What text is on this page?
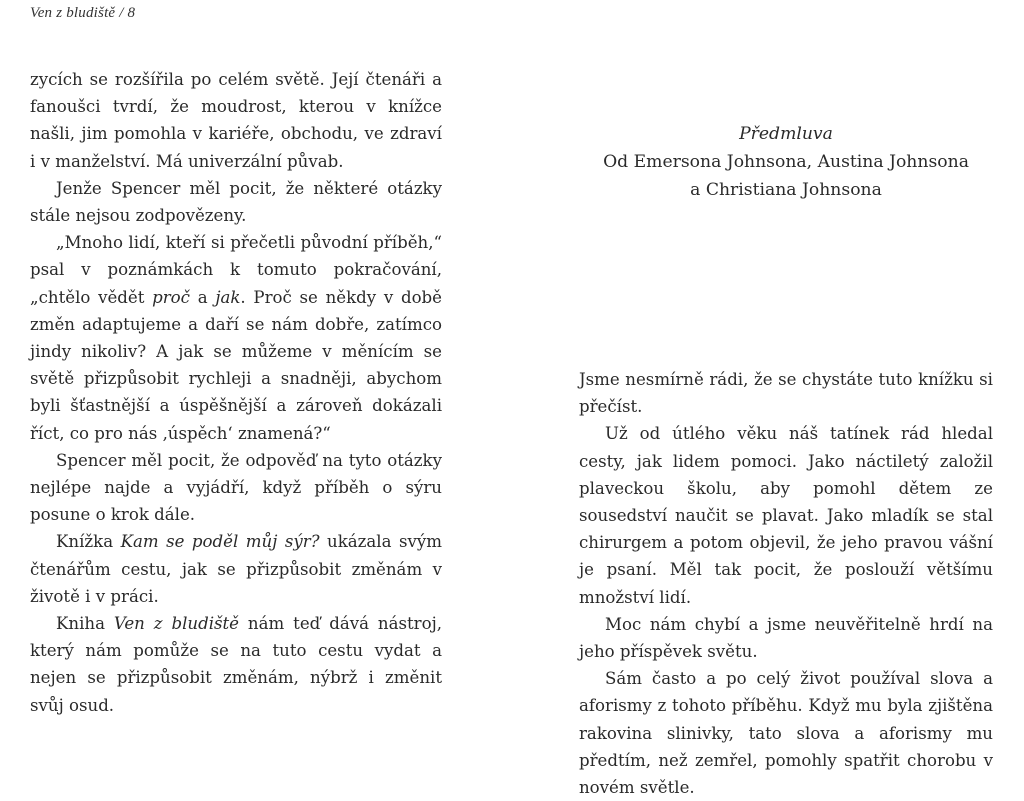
Ven z bludiště / 8

zycích se rozšířila po celém světě. Její čtenáři a fanoušci tvrdí, že moudrost, kterou v knížce našli, jim pomohla v kariéře, obchodu, ve zdraví i v manželství. Má univerzální půvab.

Jenže Spencer měl pocit, že některé otázky stále nejsou zodpovězeny.

„Mnoho lidí, kteří si přečetli původní příběh,“ psal v poznámkách k tomuto pokračování, „chtělo vědět proč a jak. Proč se někdy v době změn adaptujeme a daří se nám dobře, zatímco jindy nikoliv? A jak se můžeme v měnícím se světě přizpůsobit rychleji a snadněji, abychom byli šťastnější a úspěšnější a zároveň dokázali říct, co pro nás ‚úspěch‘ znamená?“

Spencer měl pocit, že odpověď na tyto otázky nejlépe najde a vyjádří, když příběh o sýru posune o krok dále.

Knížka Kam se poděl můj sýr? ukázala svým čtenářům cestu, jak se přizpůsobit změnám v životě i v práci.

Kniha Ven z bludiště nám teď dává nástroj, který nám pomůže se na tuto cestu vydat a nejen se přizpůsobit změnám, nýbrž i změnit svůj osud.

Předmluva
Od Emersona Johnsona, Austina Johnsona
a Christiana Johnsona

Jsme nesmírně rádi, že se chystáte tuto knížku si přečíst.

Už od útlého věku náš tatínek rád hledal cesty, jak lidem pomoci. Jako náctiletý založil plaveckou školu, aby pomohl dětem ze sousedství naučit se plavat. Jako mladík se stal chirurgem a potom objevil, že jeho pravou vášní je psaní. Měl tak pocit, že poslouží většímu množství lidí.

Moc nám chybí a jsme neuvěřitelně hrdí na jeho příspěvek světu.

Sám často a po celý život používal slova a aforismy z tohoto příběhu. Když mu byla zjištěna rakovina slinivky, tato slova a aforismy mu předtím, než zemřel, pomohly spatřit chorobu v novém světle.
